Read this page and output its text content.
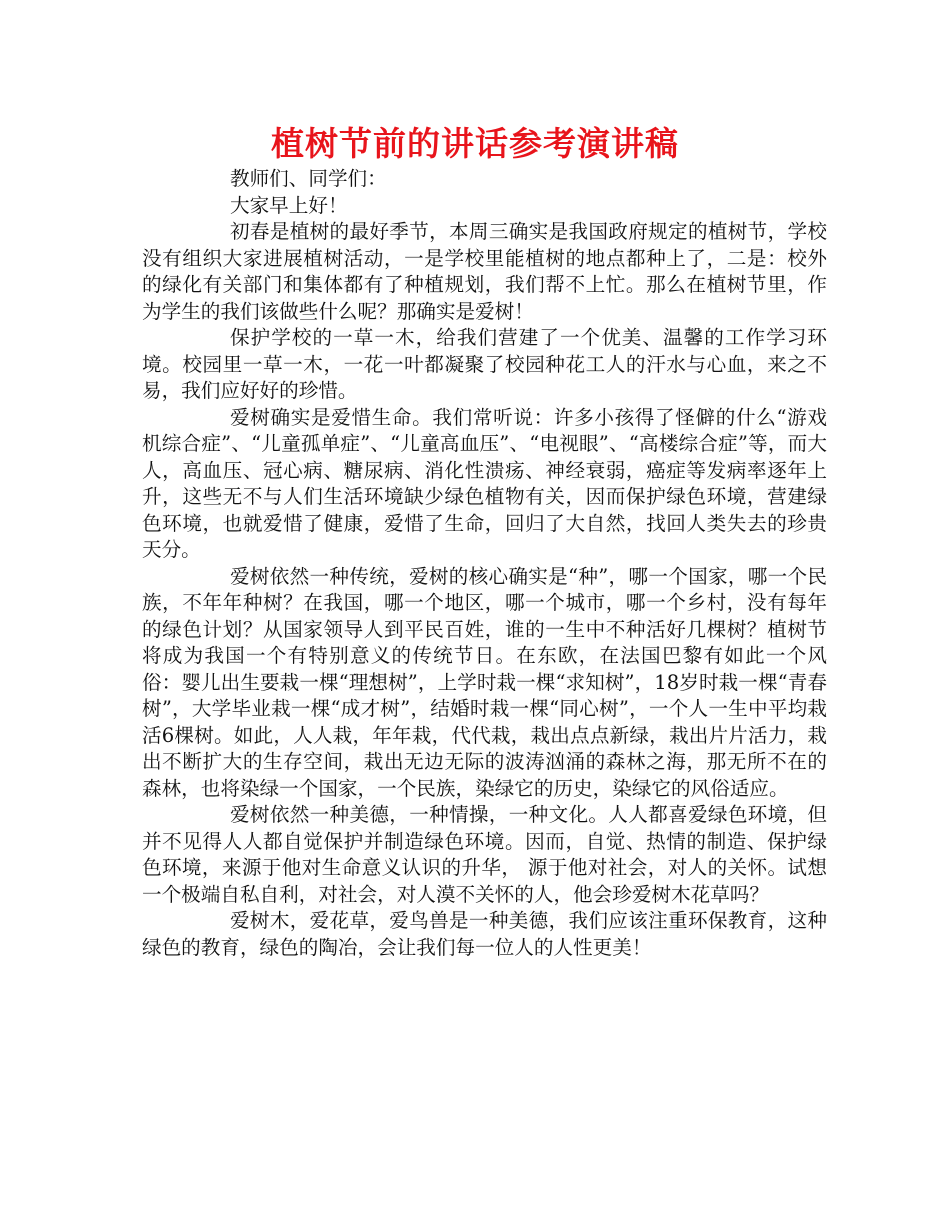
植树节前的讲话参考演讲稿

教师们、同学们：

大家早上好！

初春是植树的最好季节，本周三确实是我国政府规定的植树节，学校没有组织大家进展植树活动，一是学校里能植树的地点都种上了，二是：校外的绿化有关部门和集体都有了种植规划，我们帮不上忙。那么在植树节里，作为学生的我们该做些什么呢？那确实是爱树！

保护学校的一草一木，给我们营建了一个优美、温馨的工作学习环境。校园里一草一木，一花一叶都凝聚了校园种花工人的汗水与心血，来之不易，我们应好好的珍惜。

爱树确实是爱惜生命。我们常听说：许多小孩得了怪僻的什么“游戏机综合症”、“儿童孤单症”、“儿童高血压”、“电视眼”、“高楼综合症”等，而大人，高血压、冠心病、糖尿病、消化性溃疡、神经衰弱，癌症等发病率逐年上升，这些无不与人们生活环境缺少绿色植物有关，因而保护绿色环境，营建绿色环境，也就爱惜了健康，爱惜了生命，回归了大自然，找回人类失去的珍贵天分。

爱树依然一种传统，爱树的核心确实是“种”，哪一个国家，哪一个民族，不年年种树？在我国，哪一个地区，哪一个城市，哪一个乡村，没有每年的绿色计划？从国家领导人到平民百姓，谁的一生中不种活好几棵树？植树节将成为我国一个有特别意义的传统节日。在东欧，在法国巴黎有如此一个风俗：婴儿出生要栽一棵“理想树”，上学时栽一棵“求知树”，18岁时栽一棵“青春树”，大学毕业栽一棵“成才树”，结婚时栽一棵“同心树”，一个人一生中平均栽活6棵树。如此，人人栽，年年栽，代代栽，栽出点点新绿，栽出片片活力，栽出不断扩大的生存空间，栽出无边无际的波涛汹涌的森林之海，那无所不在的森林，也将染绿一个国家，一个民族，染绿它的历史，染绿它的风俗适应。

爱树依然一种美德，一种情操，一种文化。人人都喜爱绿色环境，但并不见得人人都自觉保护并制造绿色环境。因而，自觉、热情的制造、保护绿色环境，来源于他对生命意义认识的升华， 源于他对社会，对人的关怀。试想一个极端自私自利，对社会，对人漠不关怀的人，他会珍爱树木花草吗？

爱树木，爱花草，爱鸟兽是一种美德，我们应该注重环保教育，这种绿色的教育，绿色的陶冶，会让我们每一位人的人性更美！
